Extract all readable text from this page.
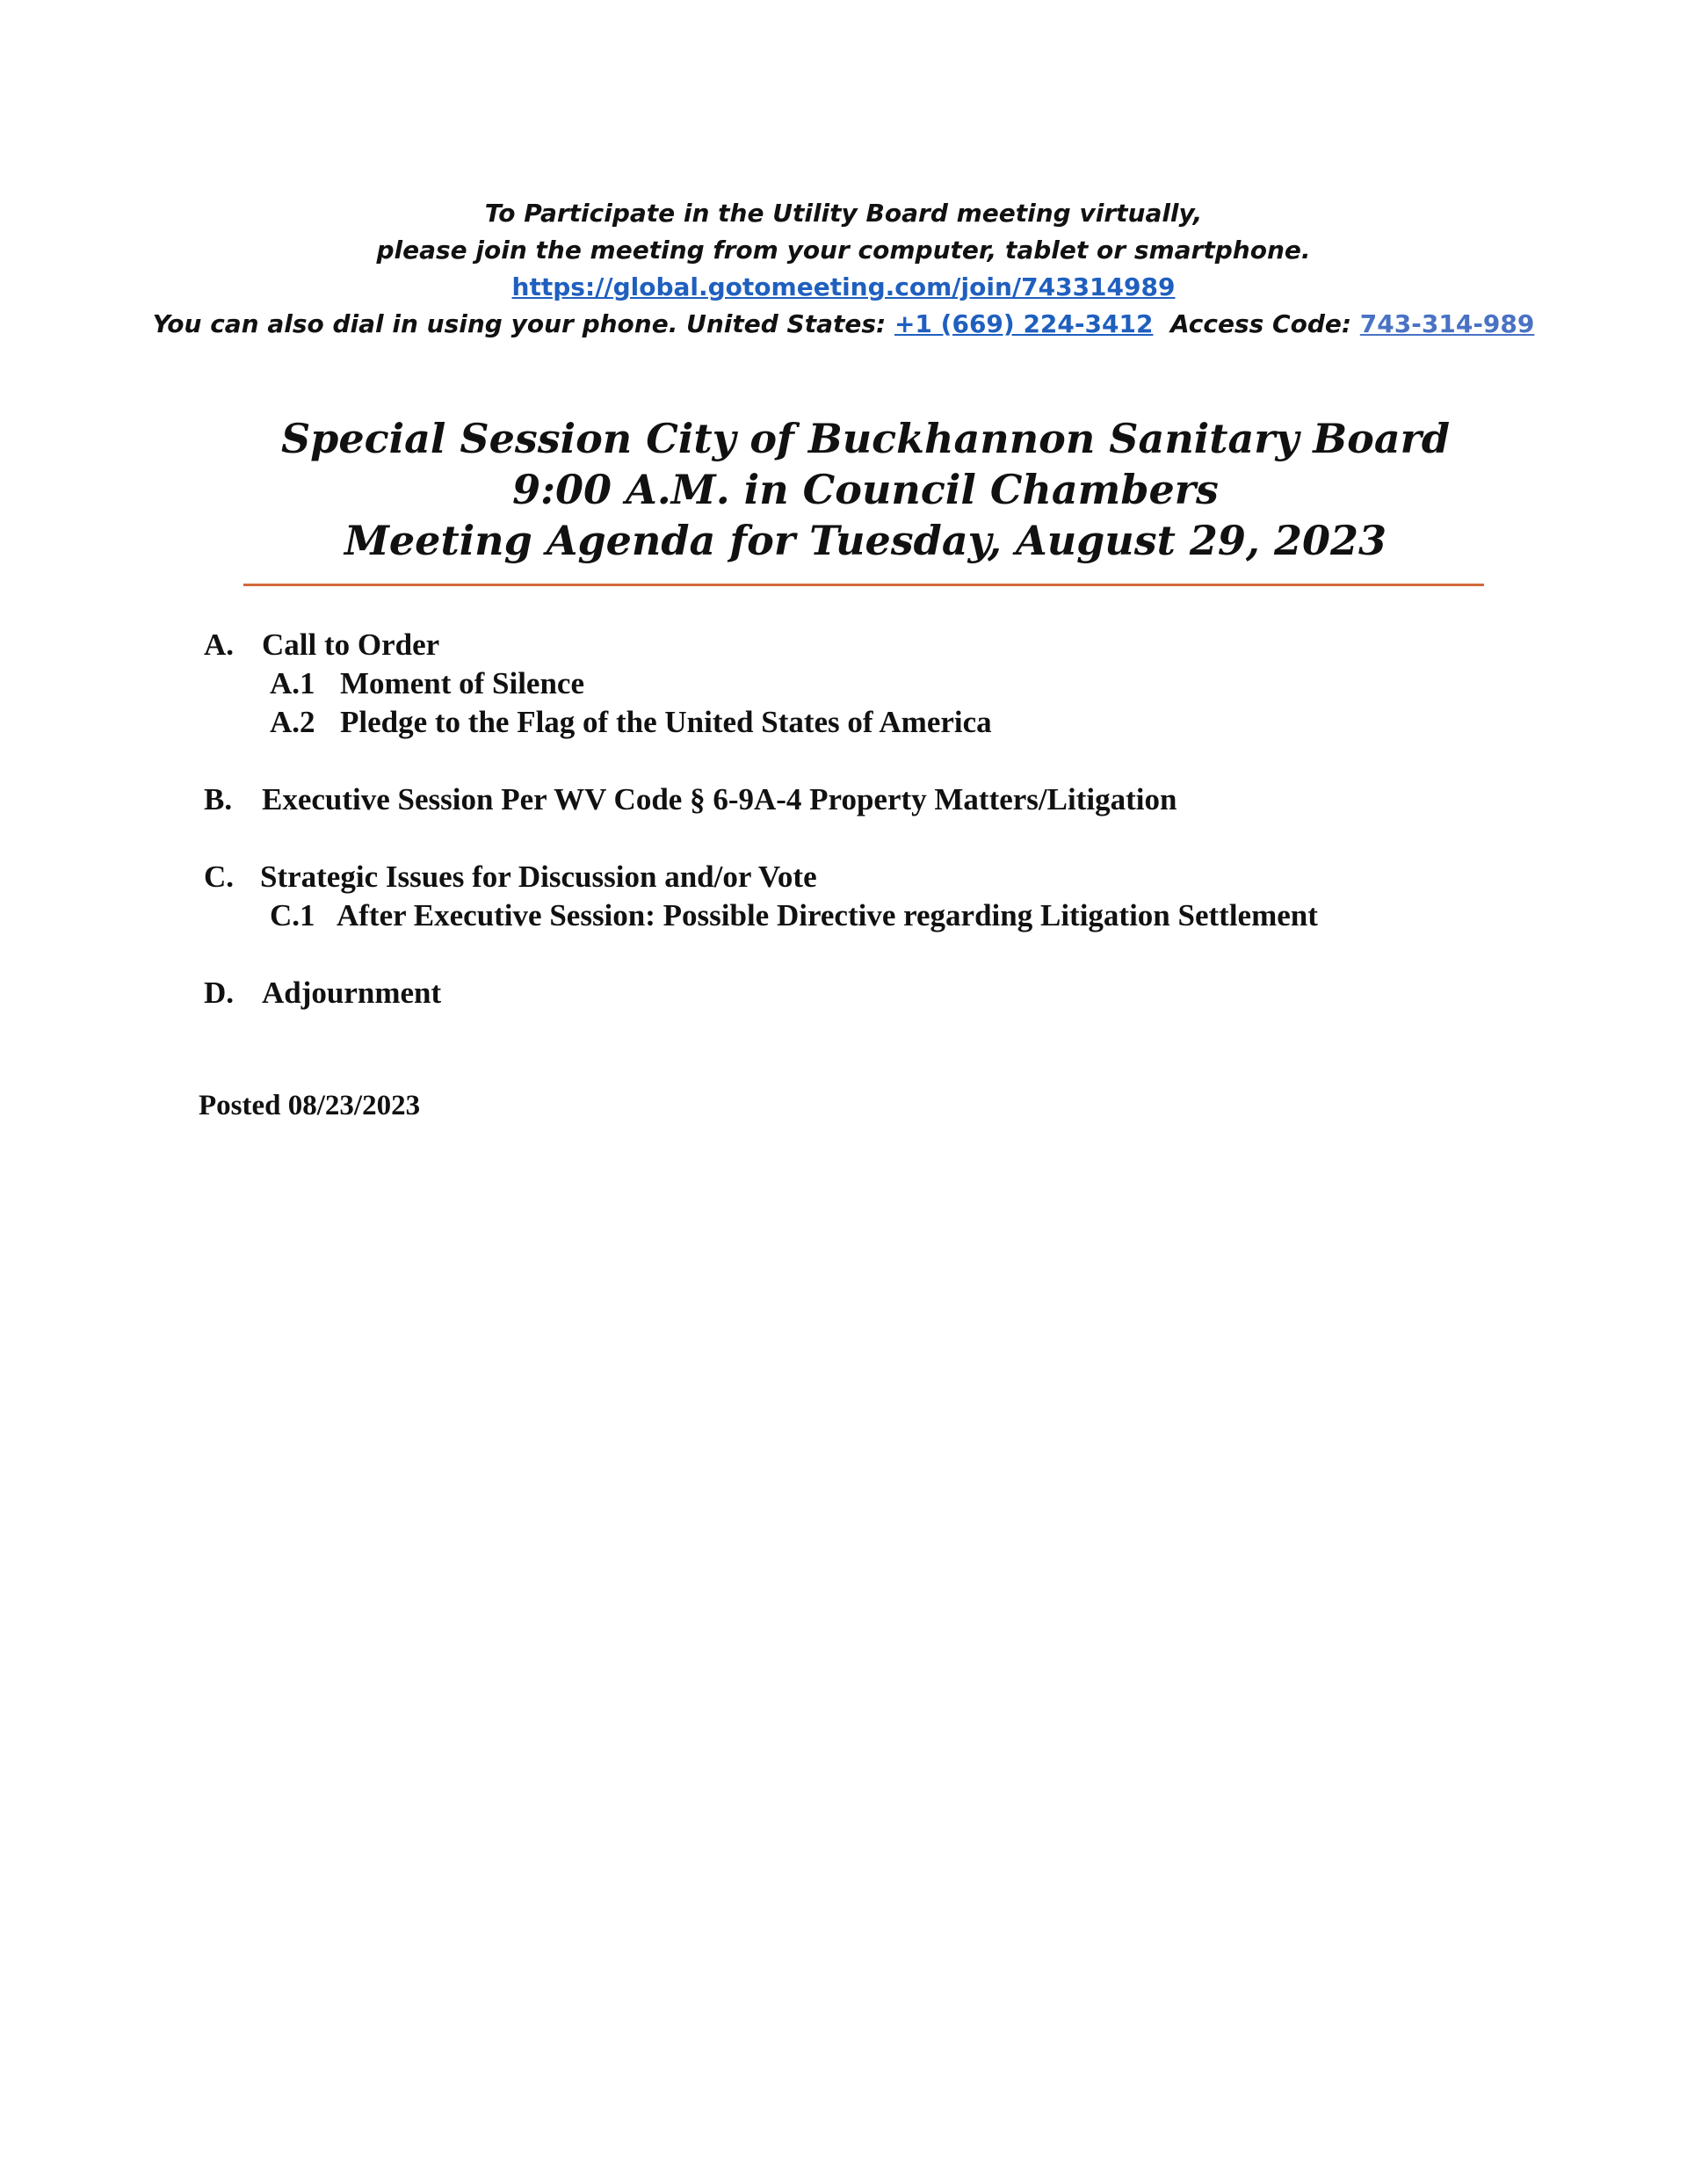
To Participate in the Utility Board meeting virtually,
please join the meeting from your computer, tablet or smartphone.
https://global.gotomeeting.com/join/743314989
You can also dial in using your phone. United States: +1 (669) 224-3412 Access Code: 743-314-989
Special Session City of Buckhannon Sanitary Board
9:00 A.M. in Council Chambers
Meeting Agenda for Tuesday, August 29, 2023
A. Call to Order
A.1 Moment of Silence
A.2 Pledge to the Flag of the United States of America
B. Executive Session Per WV Code § 6-9A-4 Property Matters/Litigation
C. Strategic Issues for Discussion and/or Vote
C.1 After Executive Session: Possible Directive regarding Litigation Settlement
D. Adjournment
Posted 08/23/2023
